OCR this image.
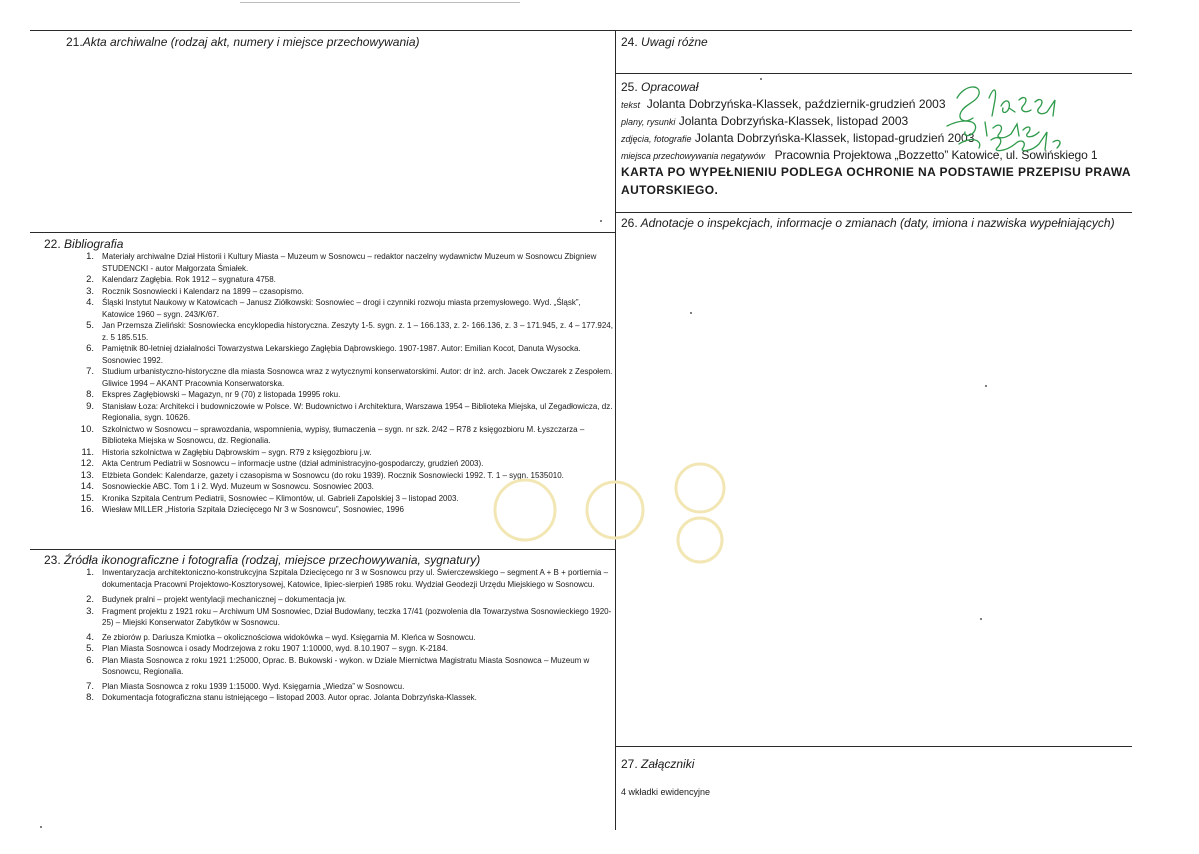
21.Akta archiwalne (rodzaj akt, numery i miejsce przechowywania)
22. Bibliografia
1. Materiały archiwalne Dział Historii i Kultury Miasta – Muzeum w Sosnowcu – redaktor naczelny wydawnictw Muzeum w Sosnowcu Zbigniew STUDENCKI - autor Małgorzata Śmiałek.
2. Kalendarz Zagłębia. Rok 1912 – sygnatura 4758.
3. Rocznik Sosnowiecki i Kalendarz na 1899 – czasopismo.
4. Śląski Instytut Naukowy w Katowicach – Janusz Ziółkowski: Sosnowiec – drogi i czynniki rozwoju miasta przemysłowego. Wyd. „Śląsk”, Katowice 1960 – sygn. 243/K/67.
5. Jan Przemsza Zieliński: Sosnowiecka encyklopedia historyczna. Zeszyty 1-5. sygn. z. 1 – 166.133, z. 2- 166.136, z. 3 – 171.945, z. 4 – 177.924, z. 5 185.515.
6. Pamiętnik 80-letniej działalności Towarzystwa Lekarskiego Zagłębia Dąbrowskiego. 1907-1987. Autor: Emilian Kocot, Danuta Wysocka. Sosnowiec 1992.
7. Studium urbanistyczno-historyczne dla miasta Sosnowca wraz z wytycznymi konserwatorskimi. Autor: dr inż. arch. Jacek Owczarek z Zespołem. Gliwice 1994 – AKANT Pracownia Konserwatorska.
8. Ekspres Zagłębiowski – Magazyn, nr 9 (70) z listopada 19995 roku.
9. Stanisław Łoza: Architekci i budowniczowie w Polsce. W: Budownictwo i Architektura, Warszawa 1954 – Biblioteka Miejska, ul Zegadłowicza, dz. Regionalia, sygn. 10626.
10. Szkolnictwo w Sosnowcu – sprawozdania, wspomnienia, wypisy, tłumaczenia – sygn. nr szk. 2/42 – R78 z księgozbioru M. Łyszczarza – Biblioteka Miejska w Sosnowcu, dz. Regionalia.
11. Historia szkolnictwa w Zagłębiu Dąbrowskim – sygn. R79 z księgozbioru j.w.
12. Akta Centrum Pediatrii w Sosnowcu – informacje ustne (dział administracyjno-gospodarczy, grudzień 2003).
13. Elżbieta Gondek: Kalendarze, gazety i czasopisma w Sosnowcu (do roku 1939). Rocznik Sosnowiecki 1992. T. 1 – sygn. 1535010.
14. Sosnowieckie ABC. Tom 1 i 2. Wyd. Muzeum w Sosnowcu. Sosnowiec 2003.
15. Kronika Szpitala Centrum Pediatrii, Sosnowiec – Klimontów, ul. Gabrieli Zapolskiej 3 – listopad 2003.
16. Wiesław MILLER „Historia Szpitala Dziecięcego Nr 3 w Sosnowcu”, Sosnowiec, 1996
23. Źródła ikonograficzne i fotografia (rodzaj, miejsce przechowywania, sygnatury)
1. Inwentaryzacja architektoniczno-konstrukcyjna Szpitala Dziecięcego nr 3 w Sosnowcu przy ul. Świerczewskiego – segment A + B + portiernia – dokumentacja Pracowni Projektowo-Kosztorysowej, Katowice, lipiec-sierpień 1985 roku. Wydział Geodezji Urzędu Miejskiego w Sosnowcu.
2. Budynek pralni – projekt wentylacji mechanicznej – dokumentacja jw.
3. Fragment projektu z 1921 roku – Archiwum UM Sosnowiec, Dział Budowlany, teczka 17/41 (pozwolenia dla Towarzystwa Sosnowieckiego 1920-25) – Miejski Konserwator Zabytków w Sosnowcu.
4. Ze zbiorów p. Dariusza Kmiotka – okolicznościowa widokówka – wyd. Księgarnia M. Kleńca w Sosnowcu.
5. Plan Miasta Sosnowca i osady Modrzejowa z roku 1907 1:10000, wyd. 8.10.1907 – sygn. K-2184.
6. Plan Miasta Sosnowca z roku 1921 1:25000, Oprac. B. Bukowski - wykon. w Dziale Miernictwa Magistratu Miasta Sosnowca – Muzeum w Sosnowcu, Regionalia.
7. Plan Miasta Sosnowca z roku 1939 1:15000. Wyd. Księgarnia „Wiedza” w Sosnowcu.
8. Dokumentacja fotograficzna stanu istniejącego – listopad 2003. Autor oprac. Jolanta Dobrzyńska-Klassek.
24. Uwagi różne
25. Opracował
tekst Jolanta Dobrzyńska-Klassek, październik-grudzień 2003
plany, rysunki Jolanta Dobrzyńska-Klassek, listopad 2003
zdjęcia, fotografie Jolanta Dobrzyńska-Klassek, listopad-grudzień 2003
miejsca przechowywania negatywów Pracownia Projektowa „Bozzetto” Katowice, ul. Sowińskiego 1
KARTA PO WYPEŁNIENIU PODLEGA OCHRONIE NA PODSTAWIE PRZEPISU PRAWA AUTORSKIEGO.
26. Adnotacje o inspekcjach, informacje o zmianach (daty, imiona i nazwiska wypełniających)
27. Załączniki
4 wkładki ewidencyjne
